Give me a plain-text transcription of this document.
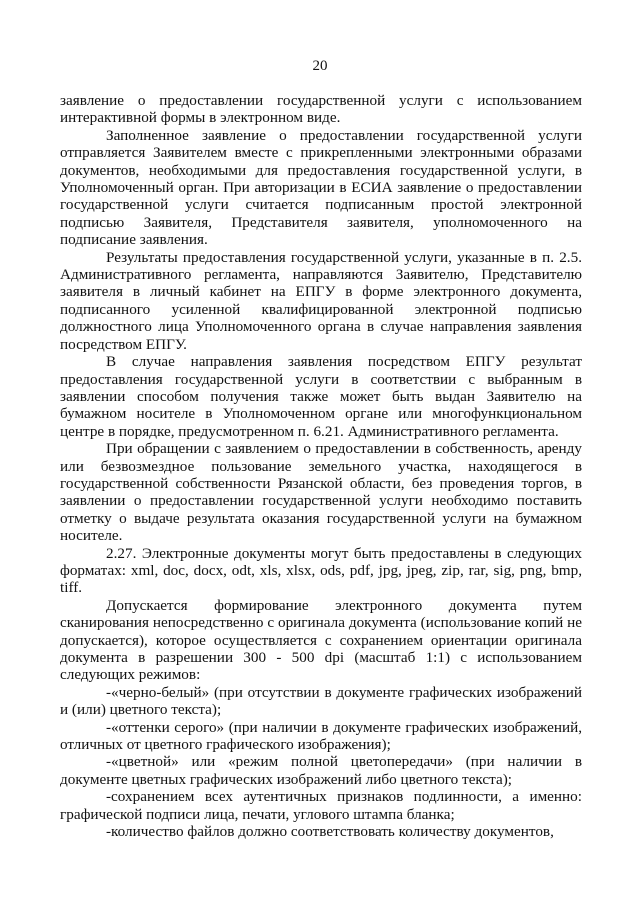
20

заявление о предоставлении государственной услуги с использованием интерактивной формы в электронном виде.

Заполненное заявление о предоставлении государственной услуги отправляется Заявителем вместе с прикрепленными электронными образами документов, необходимыми для предоставления государственной услуги, в Уполномоченный орган. При авторизации в ЕСИА заявление о предоставлении государственной услуги считается подписанным простой электронной подписью Заявителя, Представителя заявителя, уполномоченного на подписание заявления.

Результаты предоставления государственной услуги, указанные в п. 2.5. Административного регламента, направляются Заявителю, Представителю заявителя в личный кабинет на ЕПГУ в форме электронного документа, подписанного усиленной квалифицированной электронной подписью должностного лица Уполномоченного органа в случае направления заявления посредством ЕПГУ.

В случае направления заявления посредством ЕПГУ результат предоставления государственной услуги в соответствии с выбранным в заявлении способом получения также может быть выдан Заявителю на бумажном носителе в Уполномоченном органе или многофункциональном центре в порядке, предусмотренном п. 6.21. Административного регламента.

При обращении с заявлением о предоставлении в собственность, аренду или безвозмездное пользование земельного участка, находящегося в государственной собственности Рязанской области, без проведения торгов, в заявлении о предоставлении государственной услуги необходимо поставить отметку о выдаче результата оказания государственной услуги на бумажном носителе.

2.27. Электронные документы могут быть предоставлены в следующих форматах: xml, doc, docx, odt, xls, xlsx, ods, pdf, jpg, jpeg, zip, rar, sig, png, bmp, tiff.

Допускается формирование электронного документа путем сканирования непосредственно с оригинала документа (использование копий не допускается), которое осуществляется с сохранением ориентации оригинала документа в разрешении 300 - 500 dpi (масштаб 1:1) с использованием следующих режимов:

-«черно-белый» (при отсутствии в документе графических изображений и (или) цветного текста);

-«оттенки серого» (при наличии в документе графических изображений, отличных от цветного графического изображения);

-«цветной» или «режим полной цветопередачи» (при наличии в документе цветных графических изображений либо цветного текста);

-сохранением всех аутентичных признаков подлинности, а именно: графической подписи лица, печати, углового штампа бланка;

-количество файлов должно соответствовать количеству документов,
